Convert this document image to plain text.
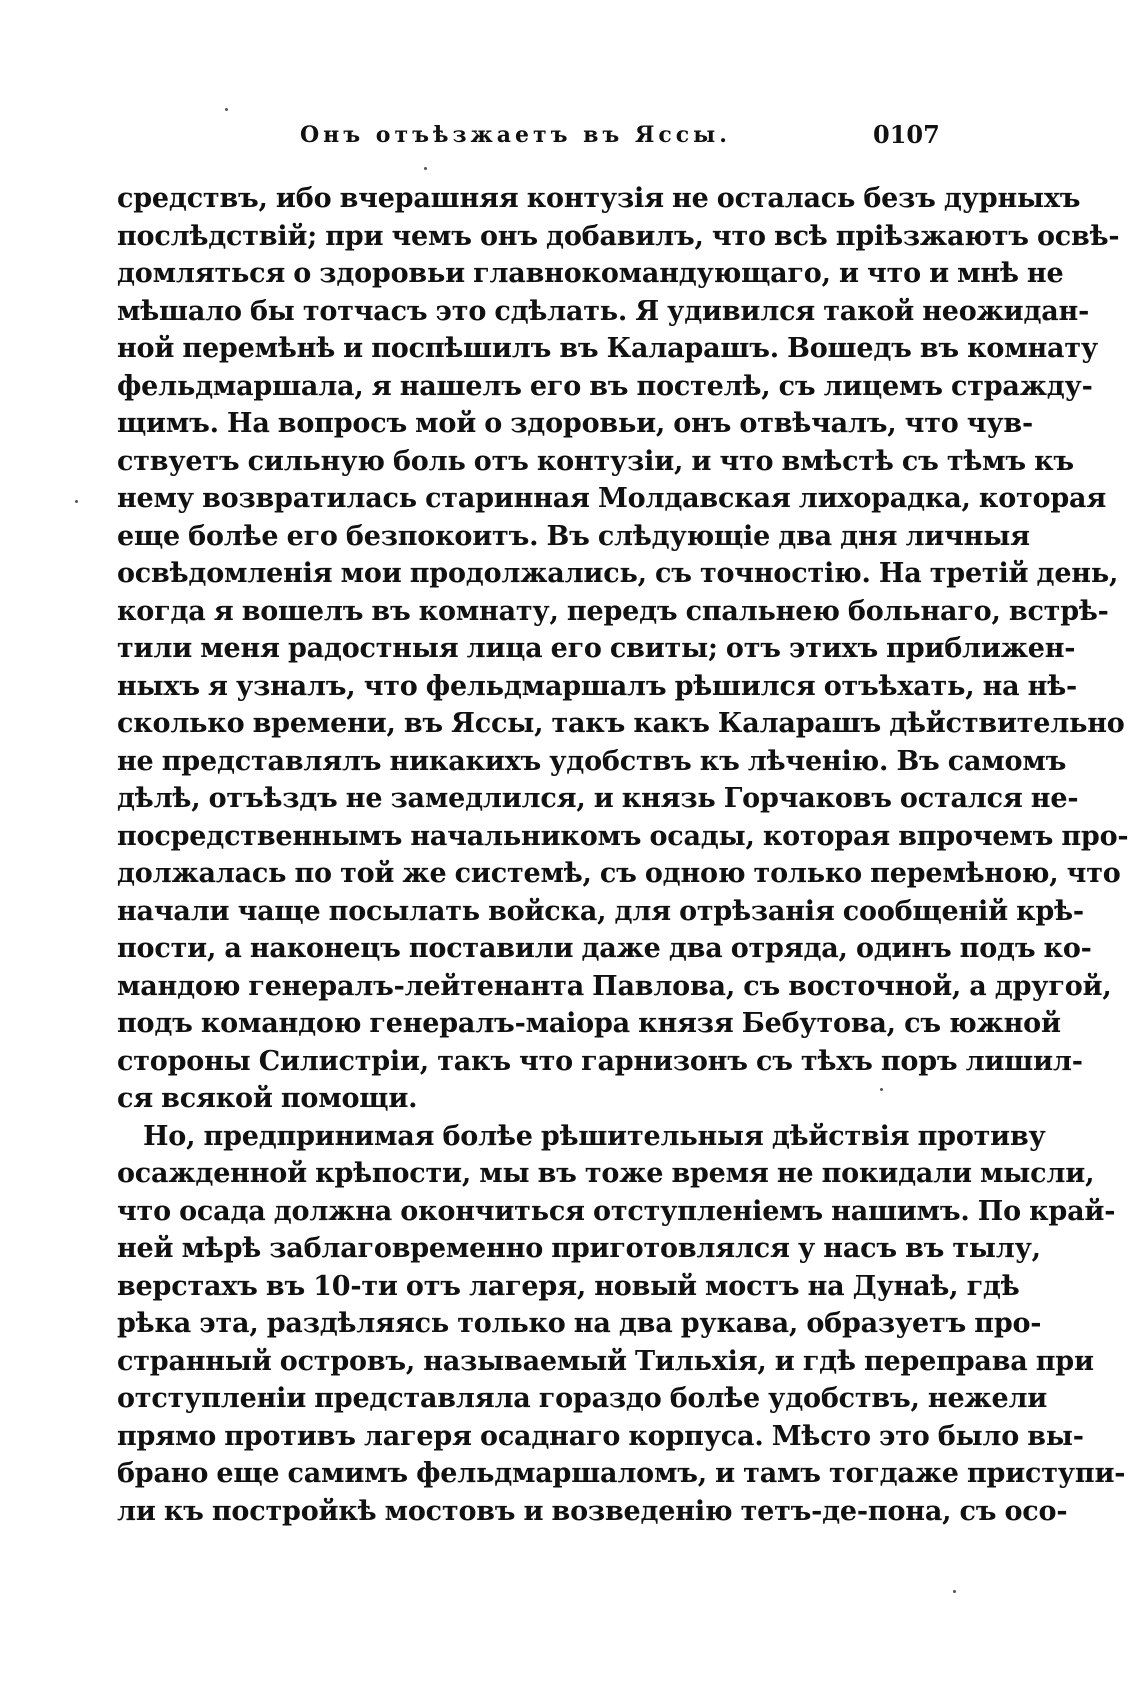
Онъ отъѣзжаетъ въ Яссы.	0107
средствъ, ибо вчерашняя контузія не осталась безъ дурныхъ
послѣдствій; при чемъ онъ добавилъ, что всѣ пріѣзжаютъ освѣ-
домляться о здоровьи главнокомандующаго, и что и мнѣ не
мѣшало бы тотчасъ это сдѣлать. Я удивился такой неожидан-
ной перемѣнѣ и поспѣшилъ въ Каларашъ. Вошедъ въ комнату
фельдмаршала, я нашелъ его въ постелѣ, съ лицемъ стражду-
щимъ. На вопросъ мой о здоровьи, онъ отвѣчалъ, что чув-
ствуетъ сильную боль отъ контузіи, и что вмѣстѣ съ тѣмъ къ
нему возвратилась старинная Молдавская лихорадка, которая
еще болѣе его безпокоитъ. Въ слѣдующіе два дня личныя
освѣдомленія мои продолжались, съ точностію. На третій день,
когда я вошелъ въ комнату, передъ спальнею больнаго, встрѣ-
тили меня радостныя лица его свиты; отъ этихъ приближен-
ныхъ я узналъ, что фельдмаршалъ рѣшился отъѣхать, на нѣ-
сколько времени, въ Яссы, такъ какъ Каларашъ дѣйствительно
не представлялъ никакихъ удобствъ къ лѣченію. Въ самомъ
дѣлѣ, отъѣздъ не замедлился, и князь Горчаковъ остался не-
посредственнымъ начальникомъ осады, которая впрочемъ про-
должалась по той же системѣ, съ одною только перемѣною, что
начали чаще посылать войска, для отрѣзанія сообщеній крѣ-
пости, а наконецъ поставили даже два отряда, одинъ подъ ко-
мандою генералъ-лейтенанта Павлова, съ восточной, а другой,
подъ командою генералъ-маіора князя Бебутова, съ южной
стороны Силистріи, такъ что гарнизонъ съ тѣхъ поръ лишил-
ся всякой помощи.
Но, предпринимая болѣе рѣшительныя дѣйствія противу
осажденной крѣпости, мы въ тоже время не покидали мысли,
что осада должна окончиться отступленіемъ нашимъ. По край-
ней мѣрѣ заблаговременно приготовлялся у насъ въ тылу,
верстахъ въ 10-ти отъ лагеря, новый мостъ на Дунаѣ, гдѣ
рѣка эта, раздѣляясь только на два рукава, образуетъ про-
странный островъ, называемый Тильхія, и гдѣ переправа при
отступленіи представляла гораздо болѣе удобствъ, нежели
прямо противъ лагеря осаднаго корпуса. Мѣсто это было вы-
брано еще самимъ фельдмаршаломъ, и тамъ тогдаже приступи-
ли къ постройкѣ мостовъ и возведенію тетъ-де-пона, съ осо-
